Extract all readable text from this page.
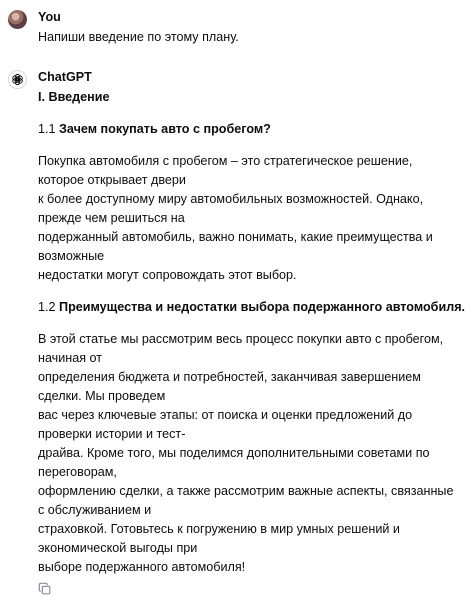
You
Напиши введение по этому плану.
ChatGPT
I. Введение
1.1 Зачем покупать авто с пробегом?

Покупка автомобиля с пробегом – это стратегическое решение, которое открывает двери

к более доступному миру автомобильных возможностей. Однако, прежде чем решиться на

подержанный автомобиль, важно понимать, какие преимущества и возможные

недостатки могут сопровождать этот выбор.

1.2 Преимущества и недостатки выбора подержанного автомобиля.

В этой статье мы рассмотрим весь процесс покупки авто с пробегом, начиная от

определения бюджета и потребностей, заканчивая завершением сделки. Мы проведем

вас через ключевые этапы: от поиска и оценки предложений до проверки истории и тест-

драйва. Кроме того, мы поделимся дополнительными советами по переговорам,

оформлению сделки, а также рассмотрим важные аспекты, связанные с обслуживанием и

страховкой. Готовьтесь к погружению в мир умных решений и экономической выгоды при

выборе подержанного автомобиля!
